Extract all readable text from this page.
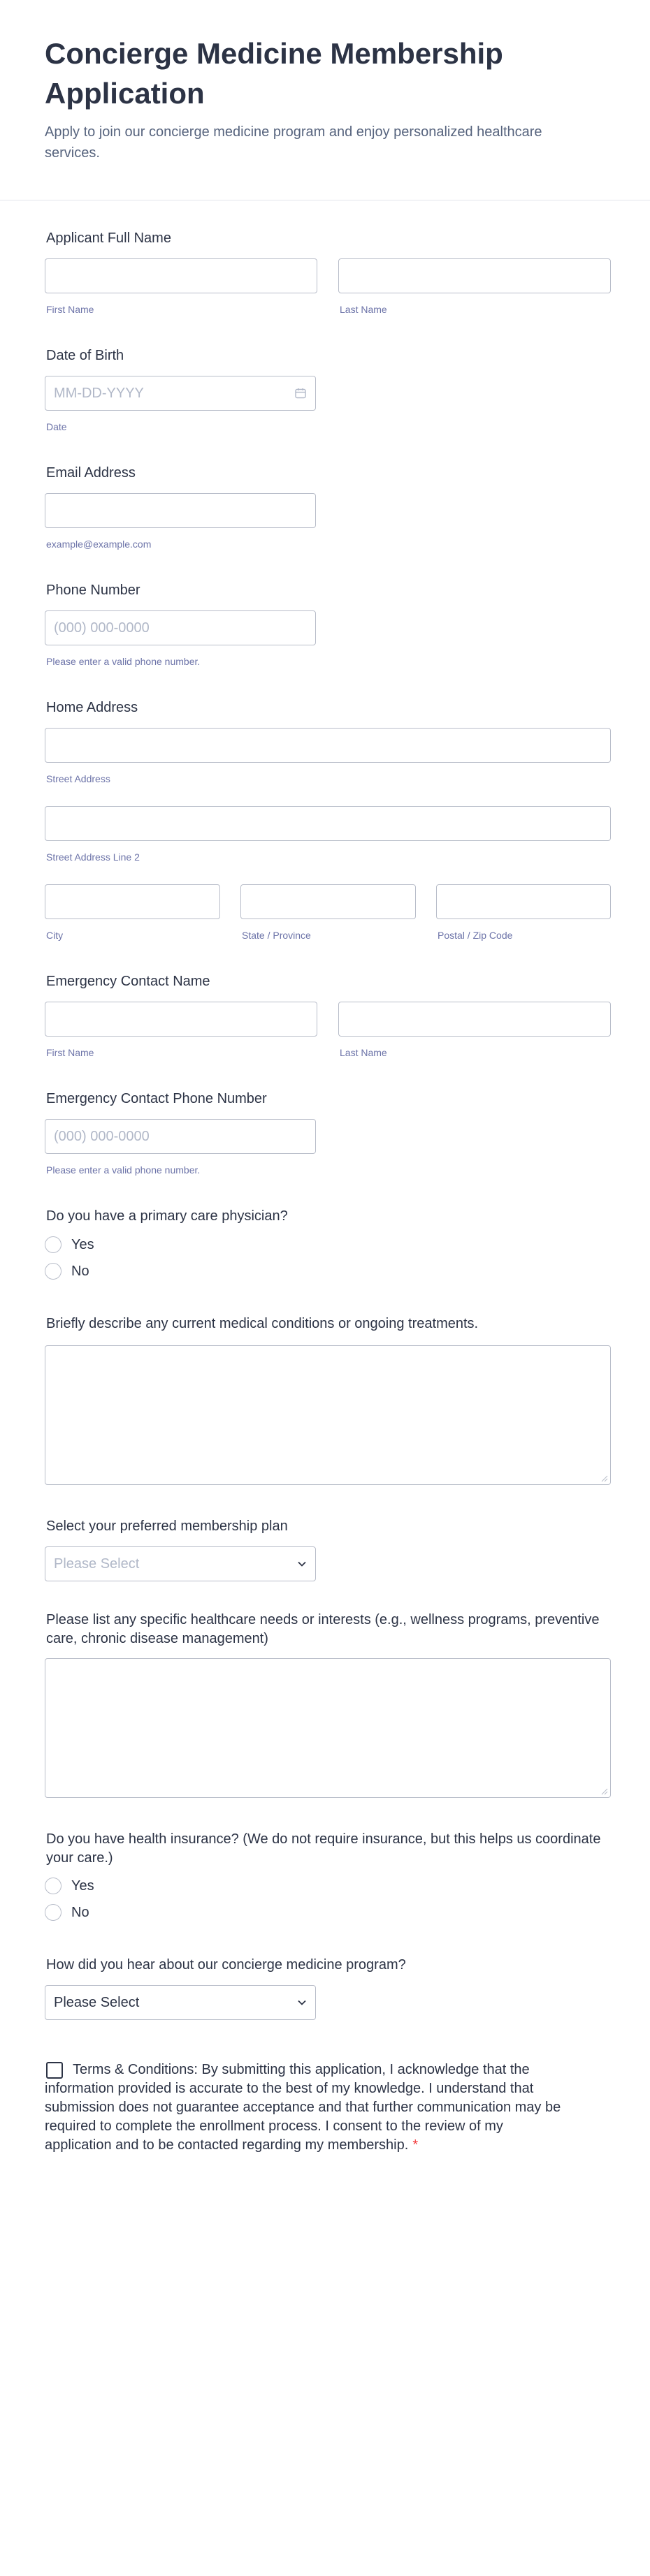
Concierge Medicine Membership Application
Apply to join our concierge medicine program and enjoy personalized healthcare services.
Applicant Full Name
First Name	Last Name
Date of Birth
MM-DD-YYYY
Date
Email Address
example@example.com
Phone Number
(000) 000-0000
Please enter a valid phone number.
Home Address
Street Address
Street Address Line 2
City	State / Province	Postal / Zip Code
Emergency Contact Name
First Name	Last Name
Emergency Contact Phone Number
(000) 000-0000
Please enter a valid phone number.
Do you have a primary care physician?
Yes
No
Briefly describe any current medical conditions or ongoing treatments.
Select your preferred membership plan
Please Select
Please list any specific healthcare needs or interests (e.g., wellness programs, preventive care, chronic disease management)
Do you have health insurance? (We do not require insurance, but this helps us coordinate your care.)
Yes
No
How did you hear about our concierge medicine program?
Please Select
Terms & Conditions: By submitting this application, I acknowledge that the information provided is accurate to the best of my knowledge. I understand that submission does not guarantee acceptance and that further communication may be required to complete the enrollment process. I consent to the review of my application and to be contacted regarding my membership. *
